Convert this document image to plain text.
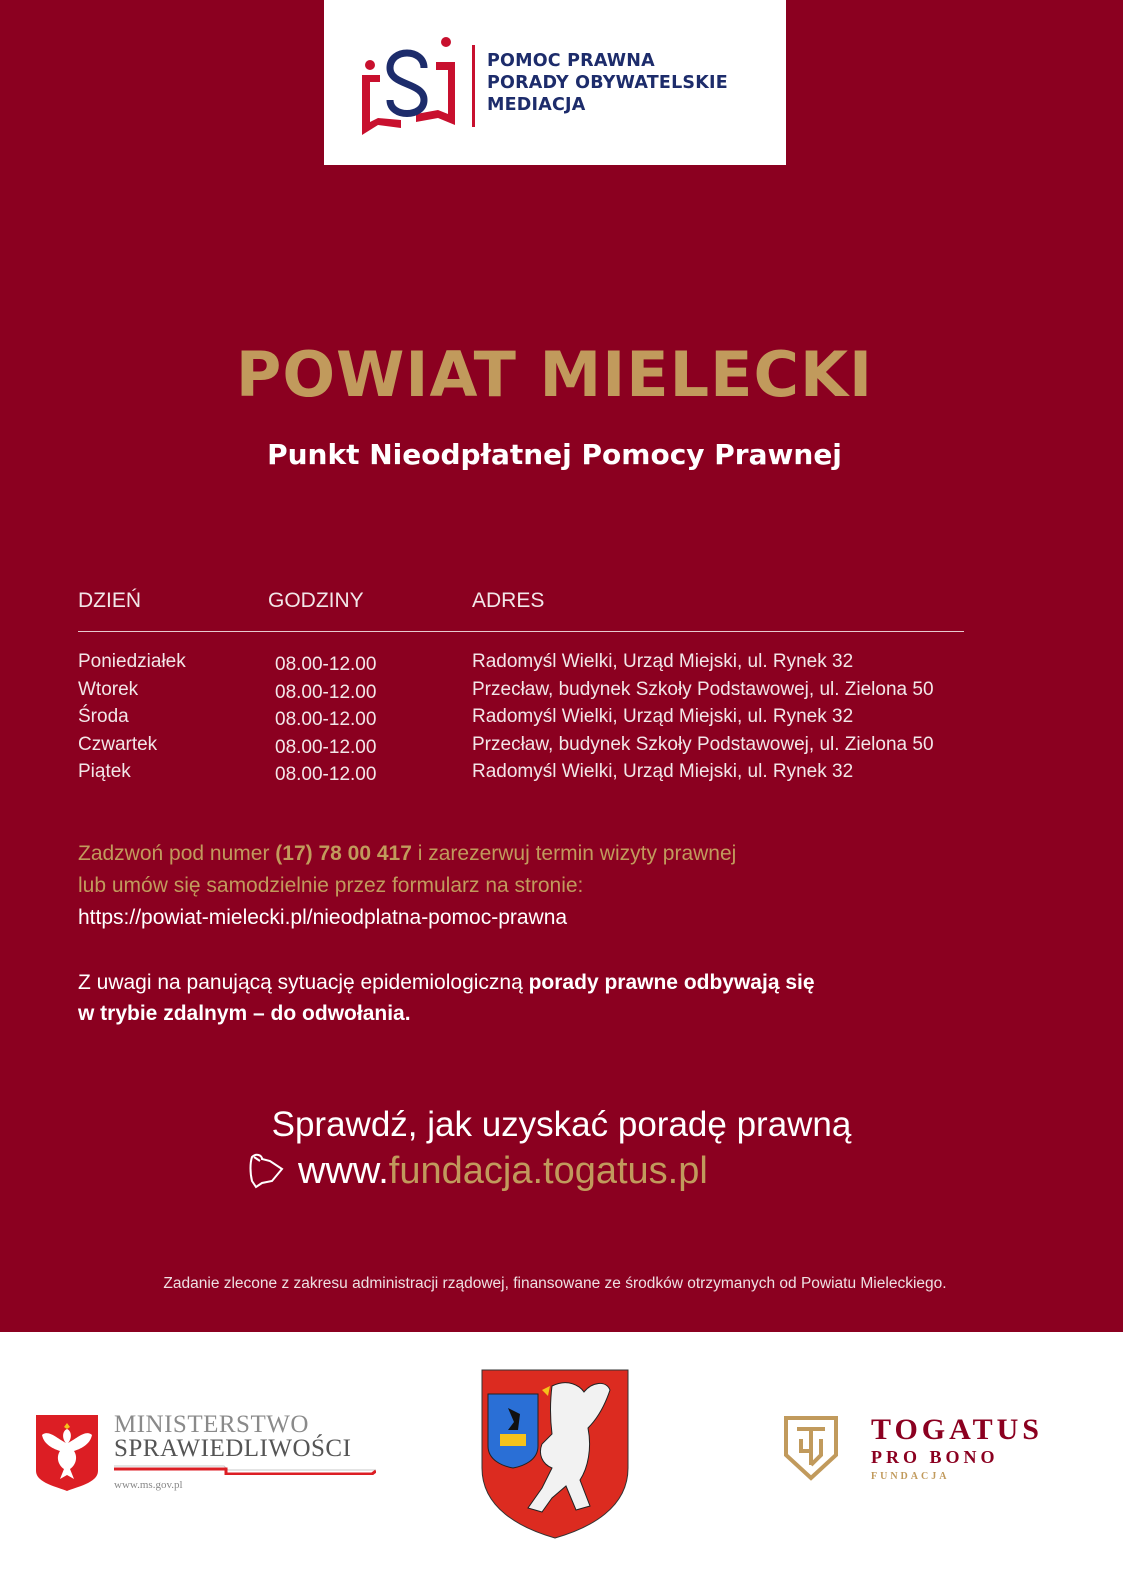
POMOC PRAWNA
PORADY OBYWATELSKIE
MEDIACJA
POWIAT MIELECKI
Punkt Nieodpłatnej Pomocy Prawnej
DZIEŃ	GODZINY	ADRES
Poniedziałek	08.00-12.00	Radomyśl Wielki, Urząd Miejski, ul. Rynek 32
Wtorek	08.00-12.00	Przecław, budynek Szkoły Podstawowej, ul. Zielona 50
Środa	08.00-12.00	Radomyśl Wielki, Urząd Miejski, ul. Rynek 32
Czwartek	08.00-12.00	Przecław, budynek Szkoły Podstawowej, ul. Zielona 50
Piątek	08.00-12.00	Radomyśl Wielki, Urząd Miejski, ul. Rynek 32
Zadzwoń pod numer (17) 78 00 417 i zarezerwuj termin wizyty prawnej
lub umów się samodzielnie przez formularz na stronie:
https://powiat-mielecki.pl/nieodplatna-pomoc-prawna
Z uwagi na panującą sytuację epidemiologiczną porady prawne odbywają się
w trybie zdalnym – do odwołania.
Sprawdź, jak uzyskać poradę prawną
www.fundacja.togatus.pl
Zadanie zlecone z zakresu administracji rządowej, finansowane ze środków otrzymanych od Powiatu Mieleckiego.
MINISTERSTWO
SPRAWIEDLIWOŚCI
www.ms.gov.pl
TOGATUS
PRO BONO
FUNDACJA
